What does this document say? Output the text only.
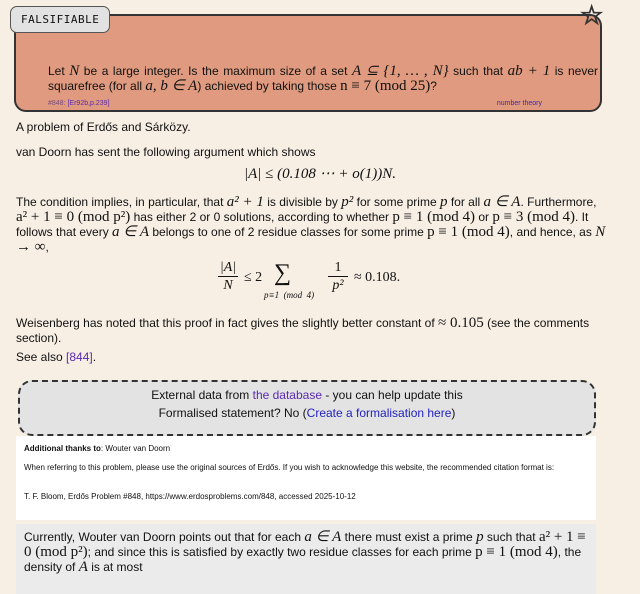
Let N be a large integer. Is the maximum size of a set A ⊆ {1, … , N} such that ab + 1 is never squarefree (for all a, b ∈ A) achieved by taking those n ≡ 7 (mod 25)?
#848: [Er92b,p.239]	number theory
FALSIFIABLE	☆
A problem of Erdős and Sárközy.
van Doorn has sent the following argument which shows
|A| ≤ (0.108 ⋯ + o(1))N.
The condition implies, in particular, that a² + 1 is divisible by p² for some prime p for all a ∈ A. Furthermore, a² + 1 ≡ 0 (mod p²) has either 2 or 0 solutions, according to whether p ≡ 1 (mod 4) or p ≡ 3 (mod 4). It follows that every a ∈ A belongs to one of 2 residue classes for some prime p ≡ 1 (mod 4), and hence, as N → ∞,
|A|
N
≤ 2 ∑
p≡1  (mod  4)
1
p²
≈ 0.108.
Weisenberg has noted that this proof in fact gives the slightly better constant of ≈ 0.105 (see the comments section).
See also [844].
External data from the database - you can help update this
Formalised statement? No (Create a formalisation here)
Additional thanks to: Wouter van Doorn
When referring to this problem, please use the original sources of Erdős. If you wish to acknowledge this website, the recommended citation format is:
T. F. Bloom, Erdős Problem #848, https://www.erdosproblems.com/848, accessed 2025-10-12
Currently, Wouter van Doorn points out that for each a ∈ A there must exist a prime p such that a² + 1 ≡ 0 (mod p²); and since this is satisfied by exactly two residue classes for each prime p ≡ 1 (mod 4), the density of A is at most
